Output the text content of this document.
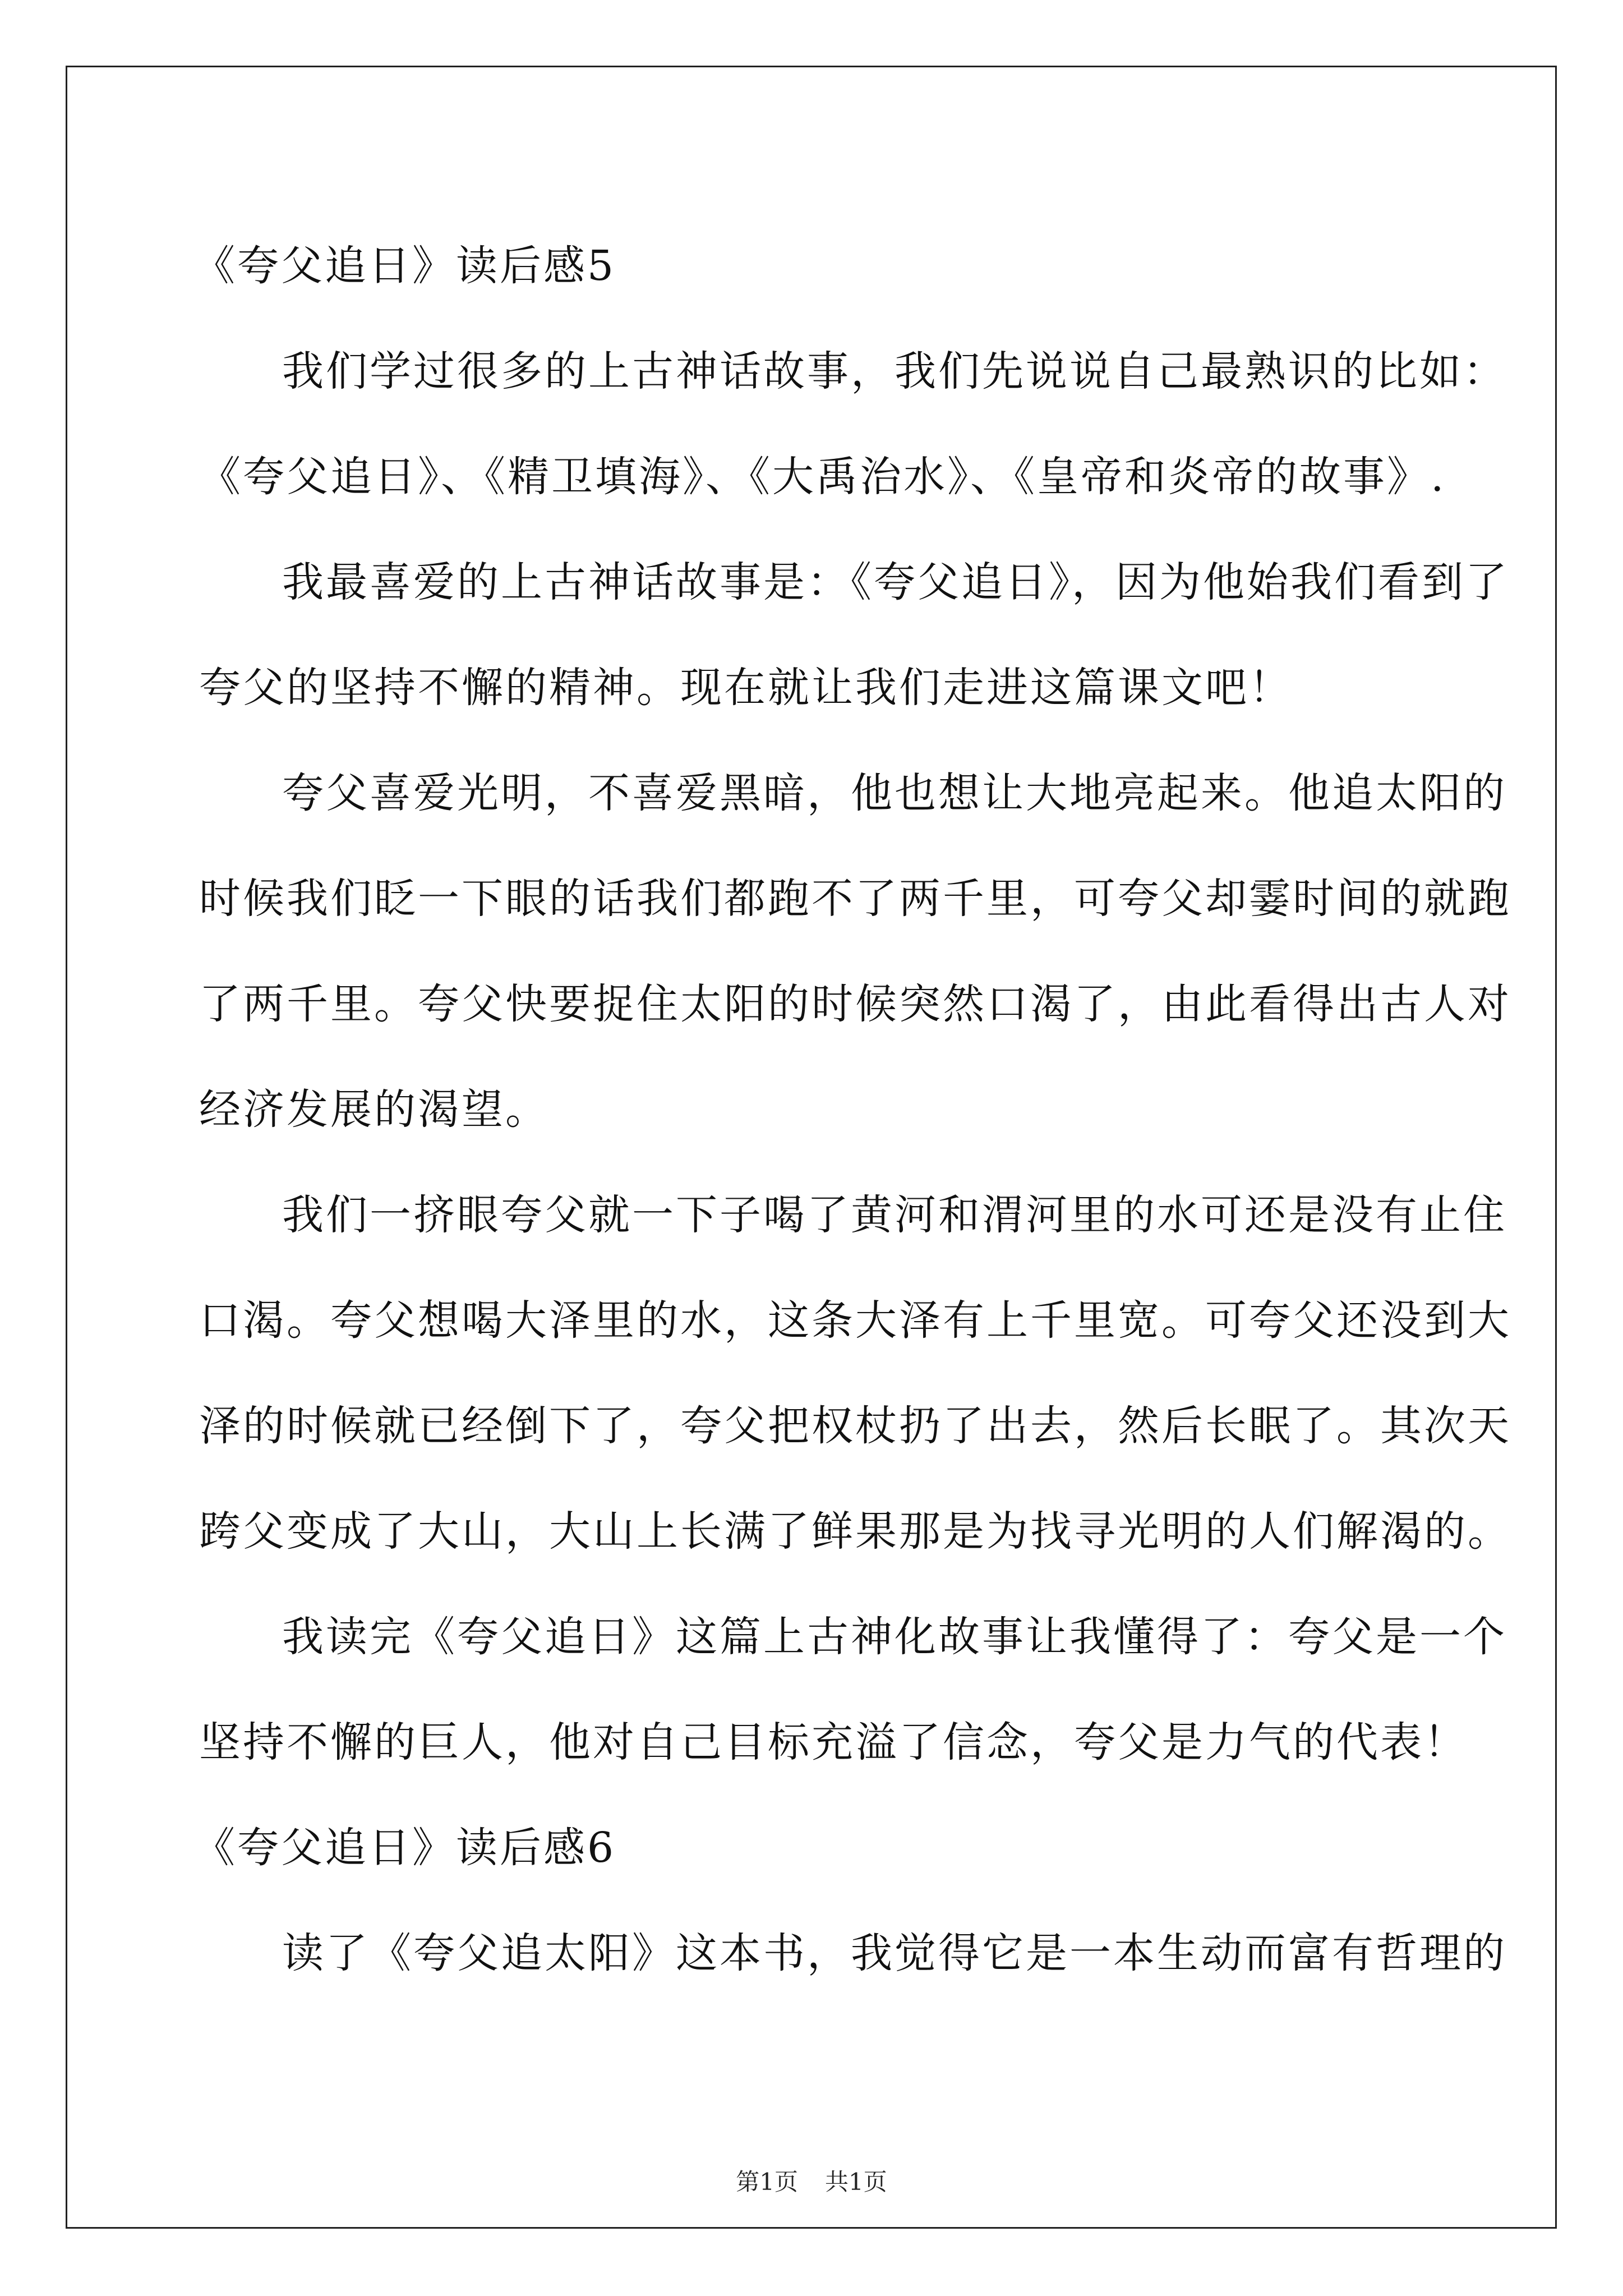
《夸父追日》读后感5
我们学过很多的上古神话故事，我们先说说自己最熟识的比如：
《夸父追日》、《精卫填海》、《大禹治水》、《皇帝和炎帝的故事》.
我最喜爱的上古神话故事是：《夸父追日》，因为他始我们看到了
夸父的坚持不懈的精神。现在就让我们走进这篇课文吧！
夸父喜爱光明，不喜爱黑暗，他也想让大地亮起来。他追太阳的
时候我们眨一下眼的话我们都跑不了两千里，可夸父却霎时间的就跑
了两千里。夸父快要捉住太阳的时候突然口渴了，由此看得出古人对
经济发展的渴望。
我们一挤眼夸父就一下子喝了黄河和渭河里的水可还是没有止住
口渴。夸父想喝大泽里的水，这条大泽有上千里宽。可夸父还没到大
泽的时候就已经倒下了，夸父把权杖扔了出去，然后长眠了。其次天
跨父变成了大山，大山上长满了鲜果那是为找寻光明的人们解渴的。
我读完《夸父追日》这篇上古神化故事让我懂得了：夸父是一个
坚持不懈的巨人，他对自己目标充溢了信念，夸父是力气的代表！
《夸父追日》读后感6
读了《夸父追太阳》这本书，我觉得它是一本生动而富有哲理的
第1页 共1页
